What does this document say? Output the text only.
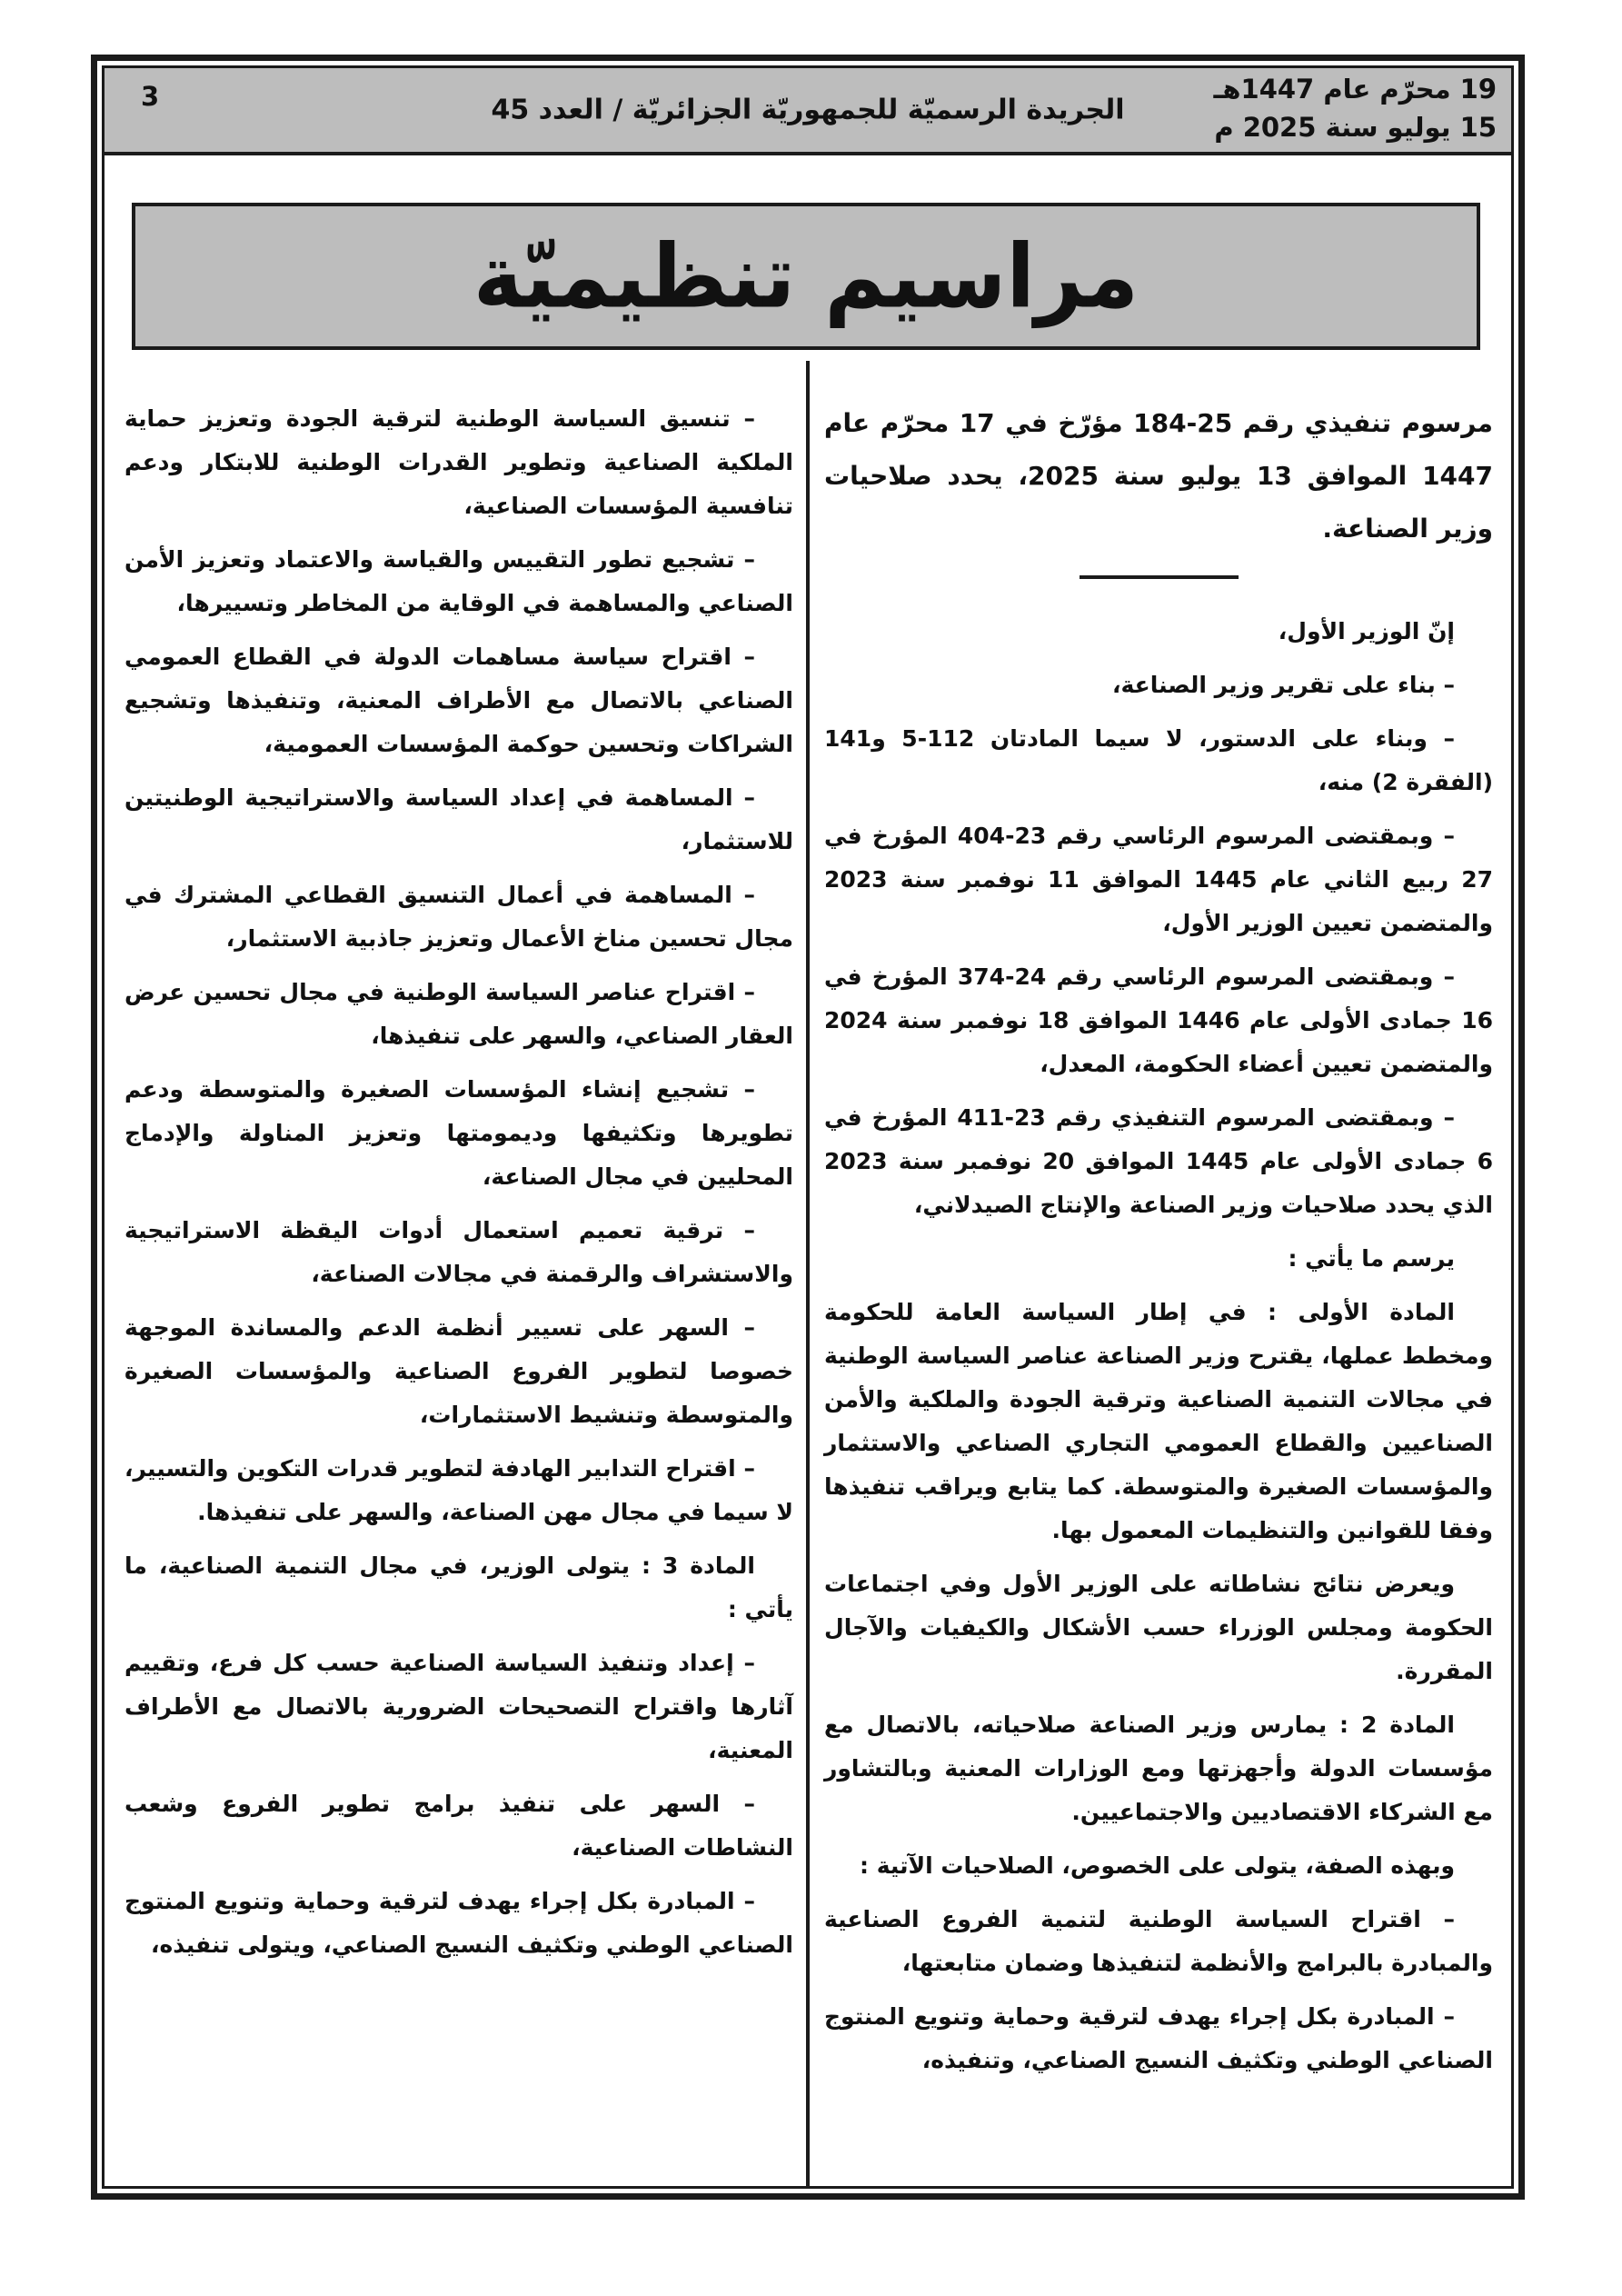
19 محرّم عام 1447هـ
15 يوليو سنة 2025 م
الجريدة الرسميّة للجمهوريّة الجزائريّة / العدد 45
3
مراسيم تنظيميّة

مرسوم تنفيذي رقم 25-184 مؤرّخ في 17 محرّم عام 1447 الموافق 13 يوليو سنة 2025، يحدد صلاحيات وزير الصناعة.

إنّ الوزير الأول،

– بناء على تقرير وزير الصناعة،

– وبناء على الدستور، لا سيما المادتان 112-5 و141 (الفقرة 2) منه،

– وبمقتضى المرسوم الرئاسي رقم 23-404 المؤرخ في 27 ربيع الثاني عام 1445 الموافق 11 نوفمبر سنة 2023 والمتضمن تعيين الوزير الأول،

– وبمقتضى المرسوم الرئاسي رقم 24-374 المؤرخ في 16 جمادى الأولى عام 1446 الموافق 18 نوفمبر سنة 2024 والمتضمن تعيين أعضاء الحكومة، المعدل،

– وبمقتضى المرسوم التنفيذي رقم 23-411 المؤرخ في 6 جمادى الأولى عام 1445 الموافق 20 نوفمبر سنة 2023 الذي يحدد صلاحيات وزير الصناعة والإنتاج الصيدلاني،

يرسم ما يأتي :

المادة الأولى : في إطار السياسة العامة للحكومة ومخطط عملها، يقترح وزير الصناعة عناصر السياسة الوطنية في مجالات التنمية الصناعية وترقية الجودة والملكية والأمن الصناعيين والقطاع العمومي التجاري الصناعي والاستثمار والمؤسسات الصغيرة والمتوسطة. كما يتابع ويراقب تنفيذها وفقا للقوانين والتنظيمات المعمول بها.

ويعرض نتائج نشاطاته على الوزير الأول وفي اجتماعات الحكومة ومجلس الوزراء حسب الأشكال والكيفيات والآجال المقررة.

المادة 2 : يمارس وزير الصناعة صلاحياته، بالاتصال مع مؤسسات الدولة وأجهزتها ومع الوزارات المعنية وبالتشاور مع الشركاء الاقتصاديين والاجتماعيين.

وبهذه الصفة، يتولى على الخصوص، الصلاحيات الآتية :

– اقتراح السياسة الوطنية لتنمية الفروع الصناعية والمبادرة بالبرامج والأنظمة لتنفيذها وضمان متابعتها،

– المبادرة بكل إجراء يهدف لترقية وحماية وتنويع المنتوج الصناعي الوطني وتكثيف النسيج الصناعي، وتنفيذه،

– تنسيق السياسة الوطنية لترقية الجودة وتعزيز حماية الملكية الصناعية وتطوير القدرات الوطنية للابتكار ودعم تنافسية المؤسسات الصناعية،

– تشجيع تطور التقييس والقياسة والاعتماد وتعزيز الأمن الصناعي والمساهمة في الوقاية من المخاطر وتسييرها،

– اقتراح سياسة مساهمات الدولة في القطاع العمومي الصناعي بالاتصال مع الأطراف المعنية، وتنفيذها وتشجيع الشراكات وتحسين حوكمة المؤسسات العمومية،

– المساهمة في إعداد السياسة والاستراتيجية الوطنيتين للاستثمار،

– المساهمة في أعمال التنسيق القطاعي المشترك في مجال تحسين مناخ الأعمال وتعزيز جاذبية الاستثمار،

– اقتراح عناصر السياسة الوطنية في مجال تحسين عرض العقار الصناعي، والسهر على تنفيذها،

– تشجيع إنشاء المؤسسات الصغيرة والمتوسطة ودعم تطويرها وتكثيفها وديمومتها وتعزيز المناولة والإدماج المحليين في مجال الصناعة،

– ترقية تعميم استعمال أدوات اليقظة الاستراتيجية والاستشراف والرقمنة في مجالات الصناعة،

– السهر على تسيير أنظمة الدعم والمساندة الموجهة خصوصا لتطوير الفروع الصناعية والمؤسسات الصغيرة والمتوسطة وتنشيط الاستثمارات،

– اقتراح التدابير الهادفة لتطوير قدرات التكوين والتسيير، لا سيما في مجال مهن الصناعة، والسهر على تنفيذها.

المادة 3 : يتولى الوزير، في مجال التنمية الصناعية، ما يأتي :

– إعداد وتنفيذ السياسة الصناعية حسب كل فرع، وتقييم آثارها واقتراح التصحيحات الضرورية بالاتصال مع الأطراف المعنية،

– السهر على تنفيذ برامج تطوير الفروع وشعب النشاطات الصناعية،

– المبادرة بكل إجراء يهدف لترقية وحماية وتنويع المنتوج الصناعي الوطني وتكثيف النسيج الصناعي، ويتولى تنفيذه،
